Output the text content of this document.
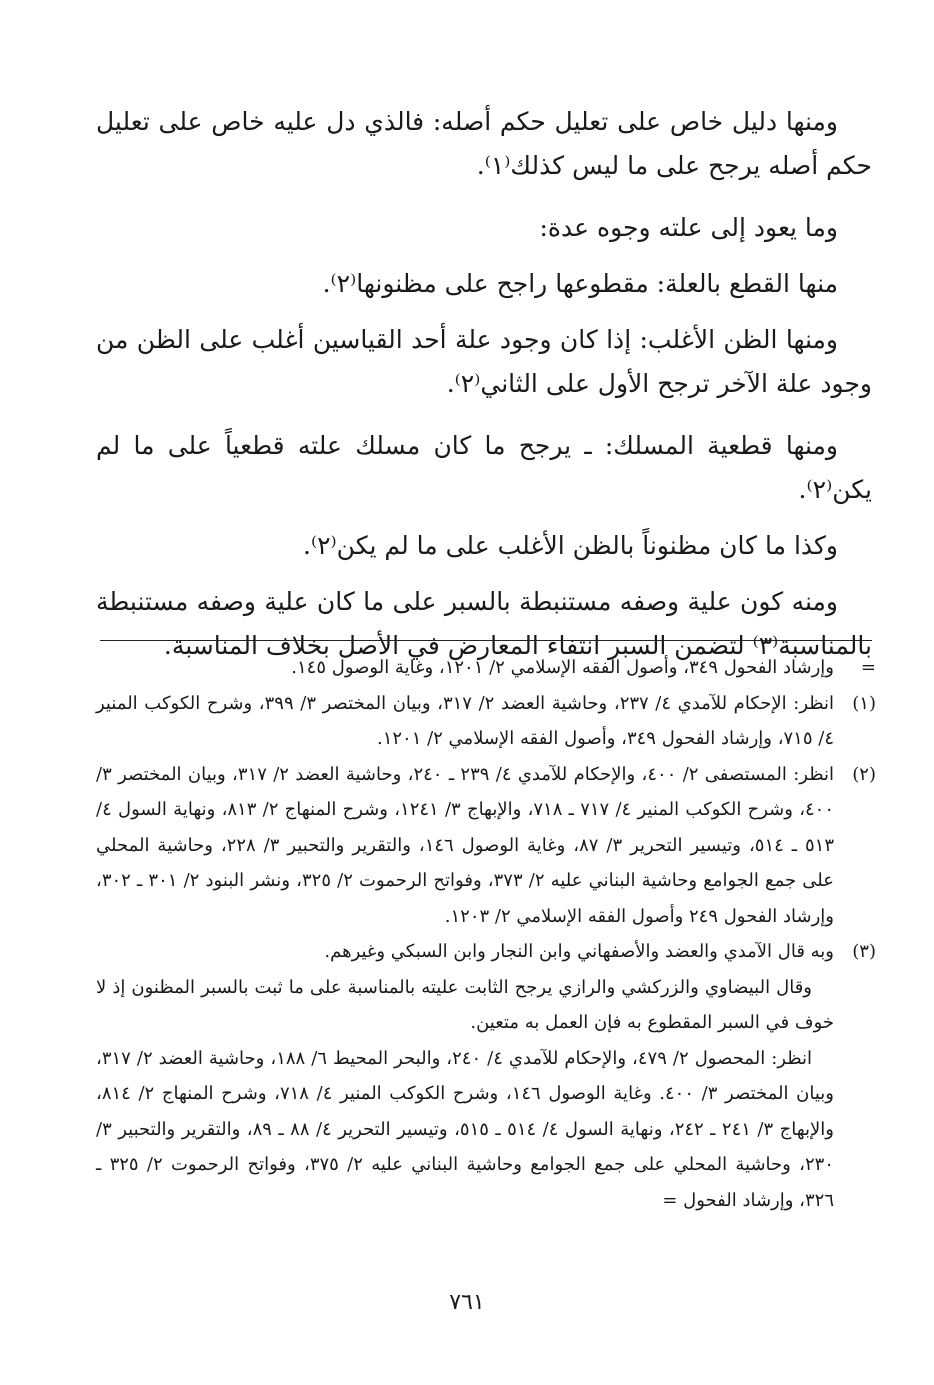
ومنها دليل خاص على تعليل حكم أصله: فالذي دل عليه خاص على تعليل حكم أصله يرجح على ما ليس كذلك⁽١⁾.

وما يعود إلى علته وجوه عدة:

منها القطع بالعلة: مقطوعها راجح على مظنونها⁽٢⁾.

ومنها الظن الأغلب: إذا كان وجود علة أحد القياسين أغلب على الظن من وجود علة الآخر ترجح الأول على الثاني⁽٢⁾.

ومنها قطعية المسلك: ـ يرجح ما كان مسلك علته قطعياً على ما لم يكن⁽٢⁾.

وكذا ما كان مظنوناً بالظن الأغلب على ما لم يكن⁽٢⁾.

ومنه كون علية وصفه مستنبطة بالسبر على ما كان علية وصفه مستنبطة بالمناسبة⁽٣⁾ لتضمن السبر انتفاء المعارض في الأصل بخلاف المناسبة.

=
وإرشاد الفحول ٣٤٩، وأصول الفقه الإسلامي ٢/ ١٢٠١، وغاية الوصول ١٤٥.
(١)
انظر: الإحكام للآمدي ٤/ ٢٣٧، وحاشية العضد ٢/ ٣١٧، وبيان المختصر ٣/ ٣٩٩، وشرح الكوكب المنير ٤/ ٧١٥، وإرشاد الفحول ٣٤٩، وأصول الفقه الإسلامي ٢/ ١٢٠١.
(٢)
انظر: المستصفى ٢/ ٤٠٠، والإحكام للآمدي ٤/ ٢٣٩ ـ ٢٤٠، وحاشية العضد ٢/ ٣١٧، وبيان المختصر ٣/ ٤٠٠، وشرح الكوكب المنير ٤/ ٧١٧ ـ ٧١٨، والإبهاج ٣/ ١٢٤١، وشرح المنهاج ٢/ ٨١٣، ونهاية السول ٤/ ٥١٣ ـ ٥١٤، وتيسير التحرير ٣/ ٨٧، وغاية الوصول ١٤٦، والتقرير والتحبير ٣/ ٢٢٨، وحاشية المحلي على جمع الجوامع وحاشية البناني عليه ٢/ ٣٧٣، وفواتح الرحموت ٢/ ٣٢٥، ونشر البنود ٢/ ٣٠١ ـ ٣٠٢، وإرشاد الفحول ٢٤٩ وأصول الفقه الإسلامي ٢/ ١٢٠٣.
(٣)

وبه قال الآمدي والعضد والأصفهاني وابن النجار وابن السبكي وغيرهم.

وقال البيضاوي والزركشي والرازي يرجح الثابت عليته بالمناسبة على ما ثبت بالسبر المظنون إذ لا خوف في السبر المقطوع به فإن العمل به متعين.

انظر: المحصول ٢/ ٤٧٩، والإحكام للآمدي ٤/ ٢٤٠، والبحر المحيط ٦/ ١٨٨، وحاشية العضد ٢/ ٣١٧، وبيان المختصر ٣/ ٤٠٠. وغاية الوصول ١٤٦، وشرح الكوكب المنير ٤/ ٧١٨، وشرح المنهاج ٢/ ٨١٤، والإبهاج ٣/ ٢٤١ ـ ٢٤٢، ونهاية السول ٤/ ٥١٤ ـ ٥١٥، وتيسير التحرير ٤/ ٨٨ ـ ٨٩، والتقرير والتحبير ٣/ ٢٣٠، وحاشية المحلي على جمع الجوامع وحاشية البناني عليه ٢/ ٣٧٥، وفواتح الرحموت ٢/ ٣٢٥ ـ ٣٢٦، وإرشاد الفحول =

٧٦١
